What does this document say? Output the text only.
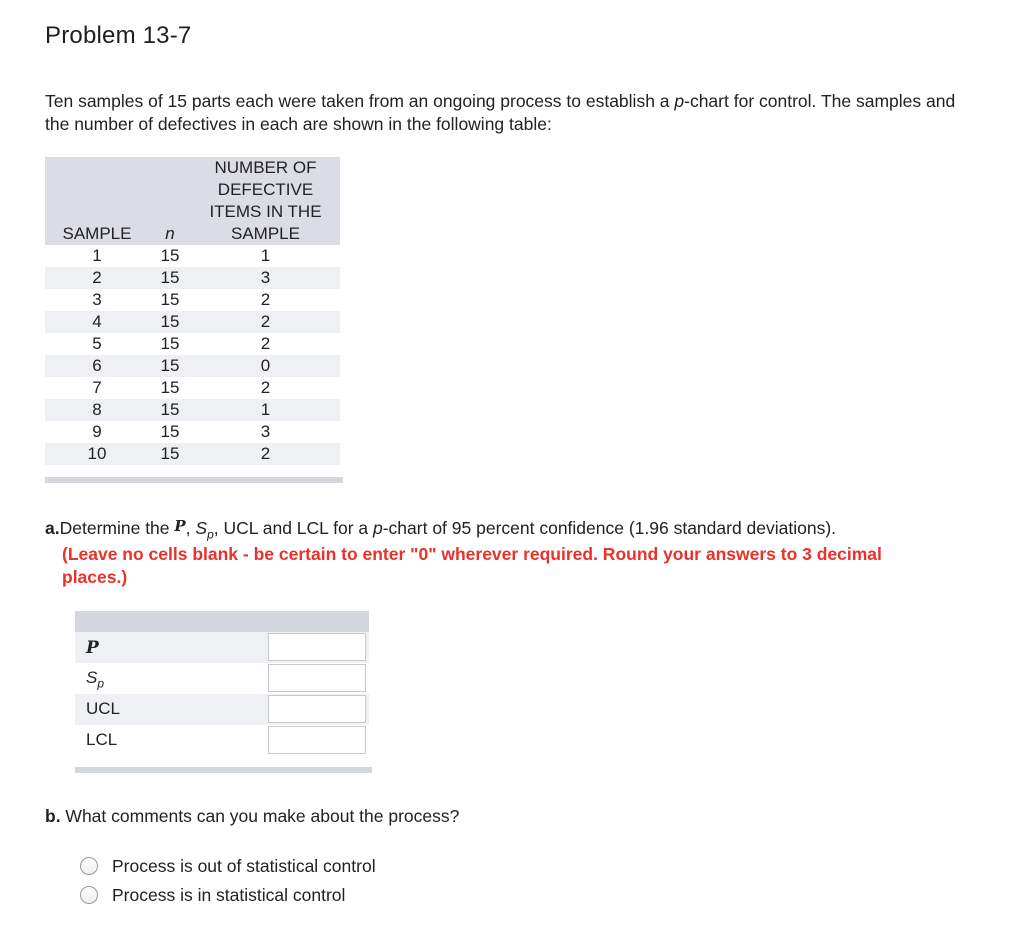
Problem 13-7
Ten samples of 15 parts each were taken from an ongoing process to establish a p-chart for control. The samples and the number of defectives in each are shown in the following table:
SAMPLE	n	NUMBER OF
DEFECTIVE
ITEMS IN THE
SAMPLE

1	15	1
2	15	3
3	15	2
4	15	2
5	15	2
6	15	0
7	15	2
8	15	1
9	15	3
10	15	2
a.Determine the P, $S_p$, UCL and LCL for a p-chart of 95 percent confidence (1.96 standard deviations).
(Leave no cells blank - be certain to enter "0" wherever required. Round your answers to 3 decimal places.)
P
$S_p$
UCL
LCL
b. What comments can you make about the process?
Process is out of statistical control
Process is in statistical control
